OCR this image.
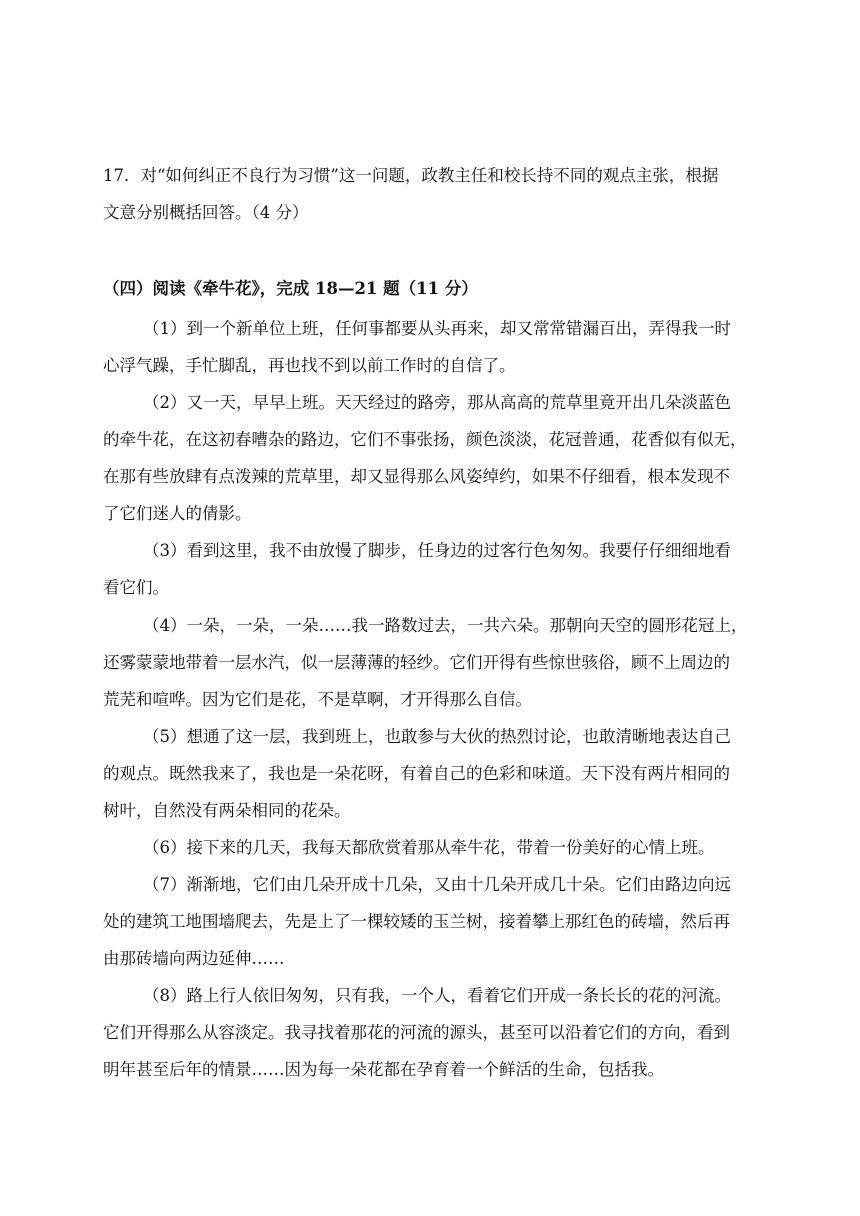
17．对“如何纠正不良行为习惯”这一问题，政教主任和校长持不同的观点主张，根据
文意分别概括回答。（4 分）
（四）阅读《牵牛花》，完成 18—21 题（11 分）
（1）到一个新单位上班，任何事都要从头再来，却又常常错漏百出，弄得我一时
心浮气躁，手忙脚乱，再也找不到以前工作时的自信了。
（2）又一天，早早上班。天天经过的路旁，那从高高的荒草里竟开出几朵淡蓝色
的牵牛花，在这初春嘈杂的路边，它们不事张扬，颜色淡淡，花冠普通，花香似有似无，
在那有些放肆有点泼辣的荒草里，却又显得那么风姿绰约，如果不仔细看，根本发现不
了它们迷人的倩影。
（3）看到这里，我不由放慢了脚步，任身边的过客行色匆匆。我要仔仔细细地看
看它们。
（4）一朵，一朵，一朵……我一路数过去，一共六朵。那朝向天空的圆形花冠上，
还雾蒙蒙地带着一层水汽，似一层薄薄的轻纱。它们开得有些惊世骇俗，顾不上周边的
荒芜和喧哗。因为它们是花，不是草啊，才开得那么自信。
（5）想通了这一层，我到班上，也敢参与大伙的热烈讨论，也敢清晰地表达自己
的观点。既然我来了，我也是一朵花呀，有着自己的色彩和味道。天下没有两片相同的
树叶，自然没有两朵相同的花朵。
（6）接下来的几天，我每天都欣赏着那从牵牛花，带着一份美好的心情上班。
（7）渐渐地，它们由几朵开成十几朵，又由十几朵开成几十朵。它们由路边向远
处的建筑工地围墙爬去，先是上了一棵较矮的玉兰树，接着攀上那红色的砖墙，然后再
由那砖墙向两边延伸……
（8）路上行人依旧匆匆，只有我，一个人，看着它们开成一条长长的花的河流。
它们开得那么从容淡定。我寻找着那花的河流的源头，甚至可以沿着它们的方向，看到
明年甚至后年的情景……因为每一朵花都在孕育着一个鲜活的生命，包括我。
